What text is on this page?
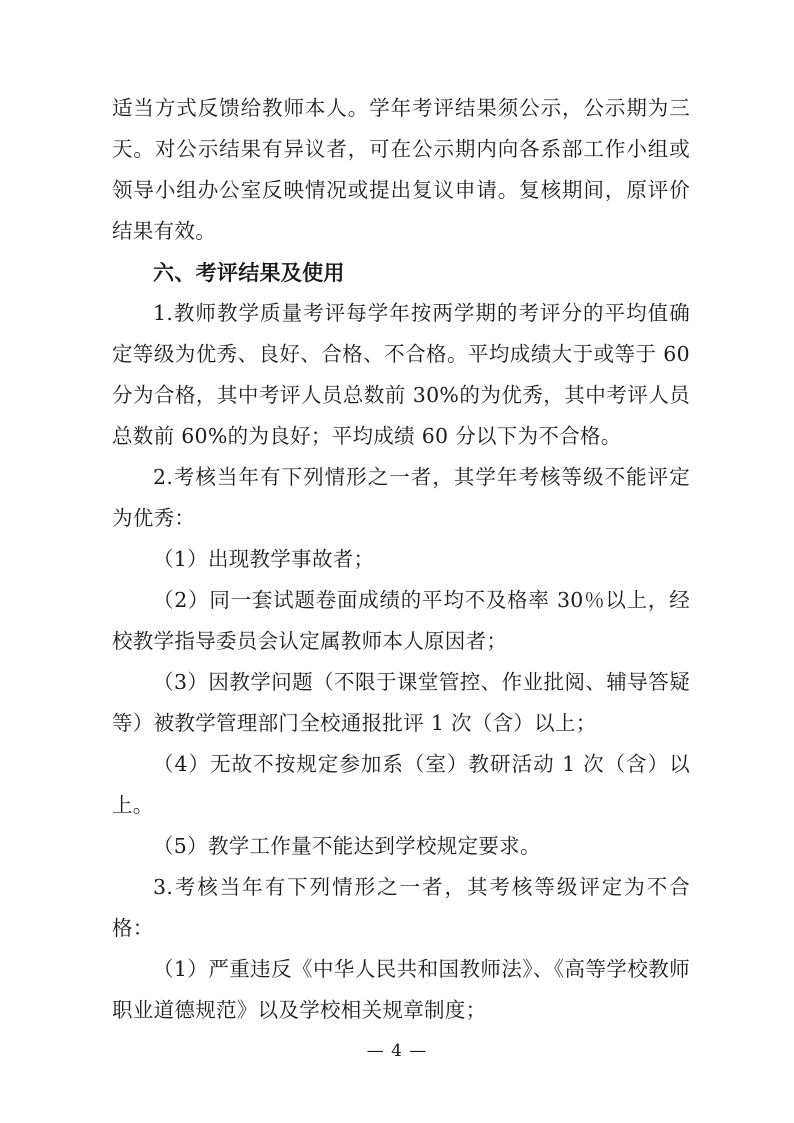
适当方式反馈给教师本人。学年考评结果须公示，公示期为三天。对公示结果有异议者，可在公示期内向各系部工作小组或领导小组办公室反映情况或提出复议申请。复核期间，原评价结果有效。

六、考评结果及使用

1.教师教学质量考评每学年按两学期的考评分的平均值确定等级为优秀、良好、合格、不合格。平均成绩大于或等于 60 分为合格，其中考评人员总数前 30%的为优秀，其中考评人员总数前 60%的为良好；平均成绩 60 分以下为不合格。

2.考核当年有下列情形之一者，其学年考核等级不能评定为优秀：

（1）出现教学事故者；

（2）同一套试题卷面成绩的平均不及格率 30％以上，经校教学指导委员会认定属教师本人原因者；

（3）因教学问题（不限于课堂管控、作业批阅、辅导答疑等）被教学管理部门全校通报批评 1 次（含）以上；

（4）无故不按规定参加系（室）教研活动 1 次（含）以上。

（5）教学工作量不能达到学校规定要求。

3.考核当年有下列情形之一者，其考核等级评定为不合格：

（1）严重违反《中华人民共和国教师法》、《高等学校教师职业道德规范》以及学校相关规章制度；

— 4 —
